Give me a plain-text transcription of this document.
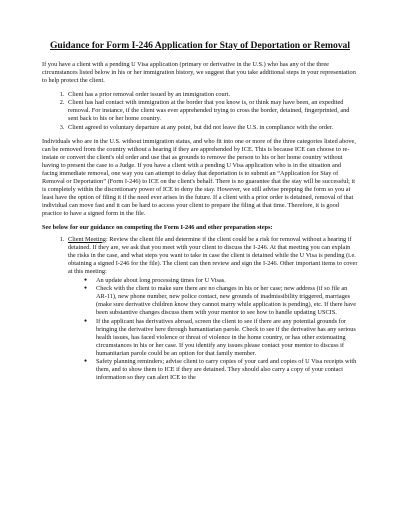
Guidance for Form I-246 Application for Stay of Deportation or Removal

If you have a client with a pending U Visa application (primary or derivative in the U.S.) who has any of the three circumstances listed below in his or her immigration history, we suggest that you take additional steps in your representation to help protect the client.

1. Client has a prior removal order issued by an immigration court.
2. Client has had contact with immigration at the border that you know is, or think may have been, an expedited removal. For instance, if the client was ever apprehended trying to cross the border, detained, fingerprinted, and sent back to his or her home country.
3. Client agreed to voluntary departure at any point, but did not leave the U.S. in compliance with the order.

Individuals who are in the U.S. without immigration status, and who fit into one or more of the three categories listed above, can be removed from the country without a hearing if they are apprehended by ICE. This is because ICE can choose to re-instate or convert the client's old order and use that as grounds to remove the person to his or her home country without having to present the case to a Judge. If you have a client with a pending U Visa application who is in the situation and facing immediate removal, one way you can attempt to delay that deportation is to submit an “Application for Stay of Removal or Deportation” (Form I-246) to ICE on the client's behalf. There is no guarantee that the stay will be successful; it is completely within the discretionary power of ICE to deny the stay. However, we still advise prepping the form so you at least have the option of filing it if the need ever arises in the future. If a client with a prior order is detained, removal of that individual can move fast and it can be hard to access your client to prepare the filing at that time. Therefore, it is good practice to have a signed form in the file.

See below for our guidance on competing the Form I-246 and other preparation steps:
1. Client Meeting: Review the client file and determine if the client could be a risk for removal without a hearing if detained. If they are, we ask that you meet with your client to discuss the I-246. At that meeting you can explain the risks in the case, and what steps you want to take in case the client is detained while the U Visa is pending (i.e. obtaining a signed I-246 for the file). The client can then review and sign the I-246. Other important items to cover at this meeting:
● An update about long processing times for U Visas.
● Check with the client to make sure there are no changes in his or her case; new address (if so file an AR-11), new phone number, new police contact, new grounds of inadmissibility triggered, marriages (make sure derivative children know they cannot marry while application is pending), etc. If there have been substantive changes discuss them with your mentor to see how to handle updating USCIS.
● If the applicant has derivatives abroad, screen the client to see if there are any potential grounds for bringing the derivative here through humanitarian parole. Check to see if the derivative has any serious health issues, has faced violence or threat of violence in the home country, or has other extenuating circumstances in his or her case. If you identify any issues please contact your mentor to discuss if humanitarian parole could be an option for that family member.
● Safety planning reminders; advise client to carry copies of your card and copies of U Visa receipts with them, and to show them to ICE if they are detained. They should also carry a copy of your contact information so they can alert ICE to the
